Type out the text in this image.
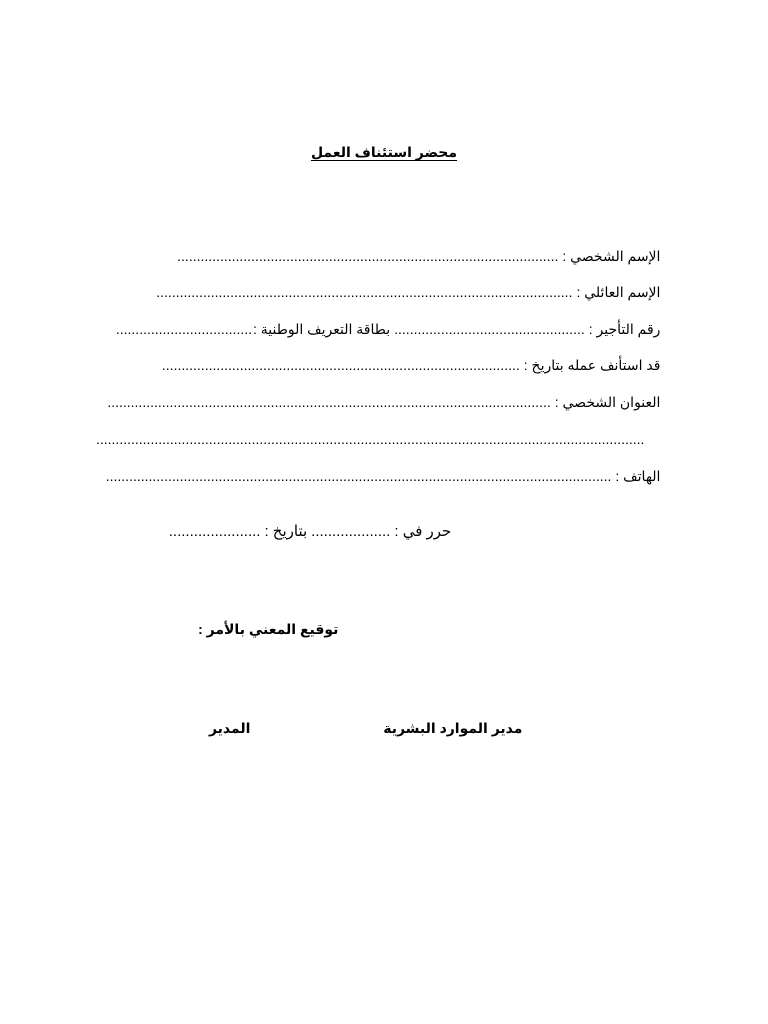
محضر استئناف العمل

الإسم الشخصي :..................................................................................................

الإسم العائلي :...........................................................................................................

رقم التأجير :.................................................بطاقة التعريف الوطنية :...................................

قد استأنف عمله بتاريخ :............................................................................................

العنوان الشخصي :..................................................................................................................

.............................................................................................................................................

الهاتف :..................................................................................................................................

حرر في :...................بتاريخ :......................

توقيع المعني بالأمر :

مدير الموارد البشرية

المدير
